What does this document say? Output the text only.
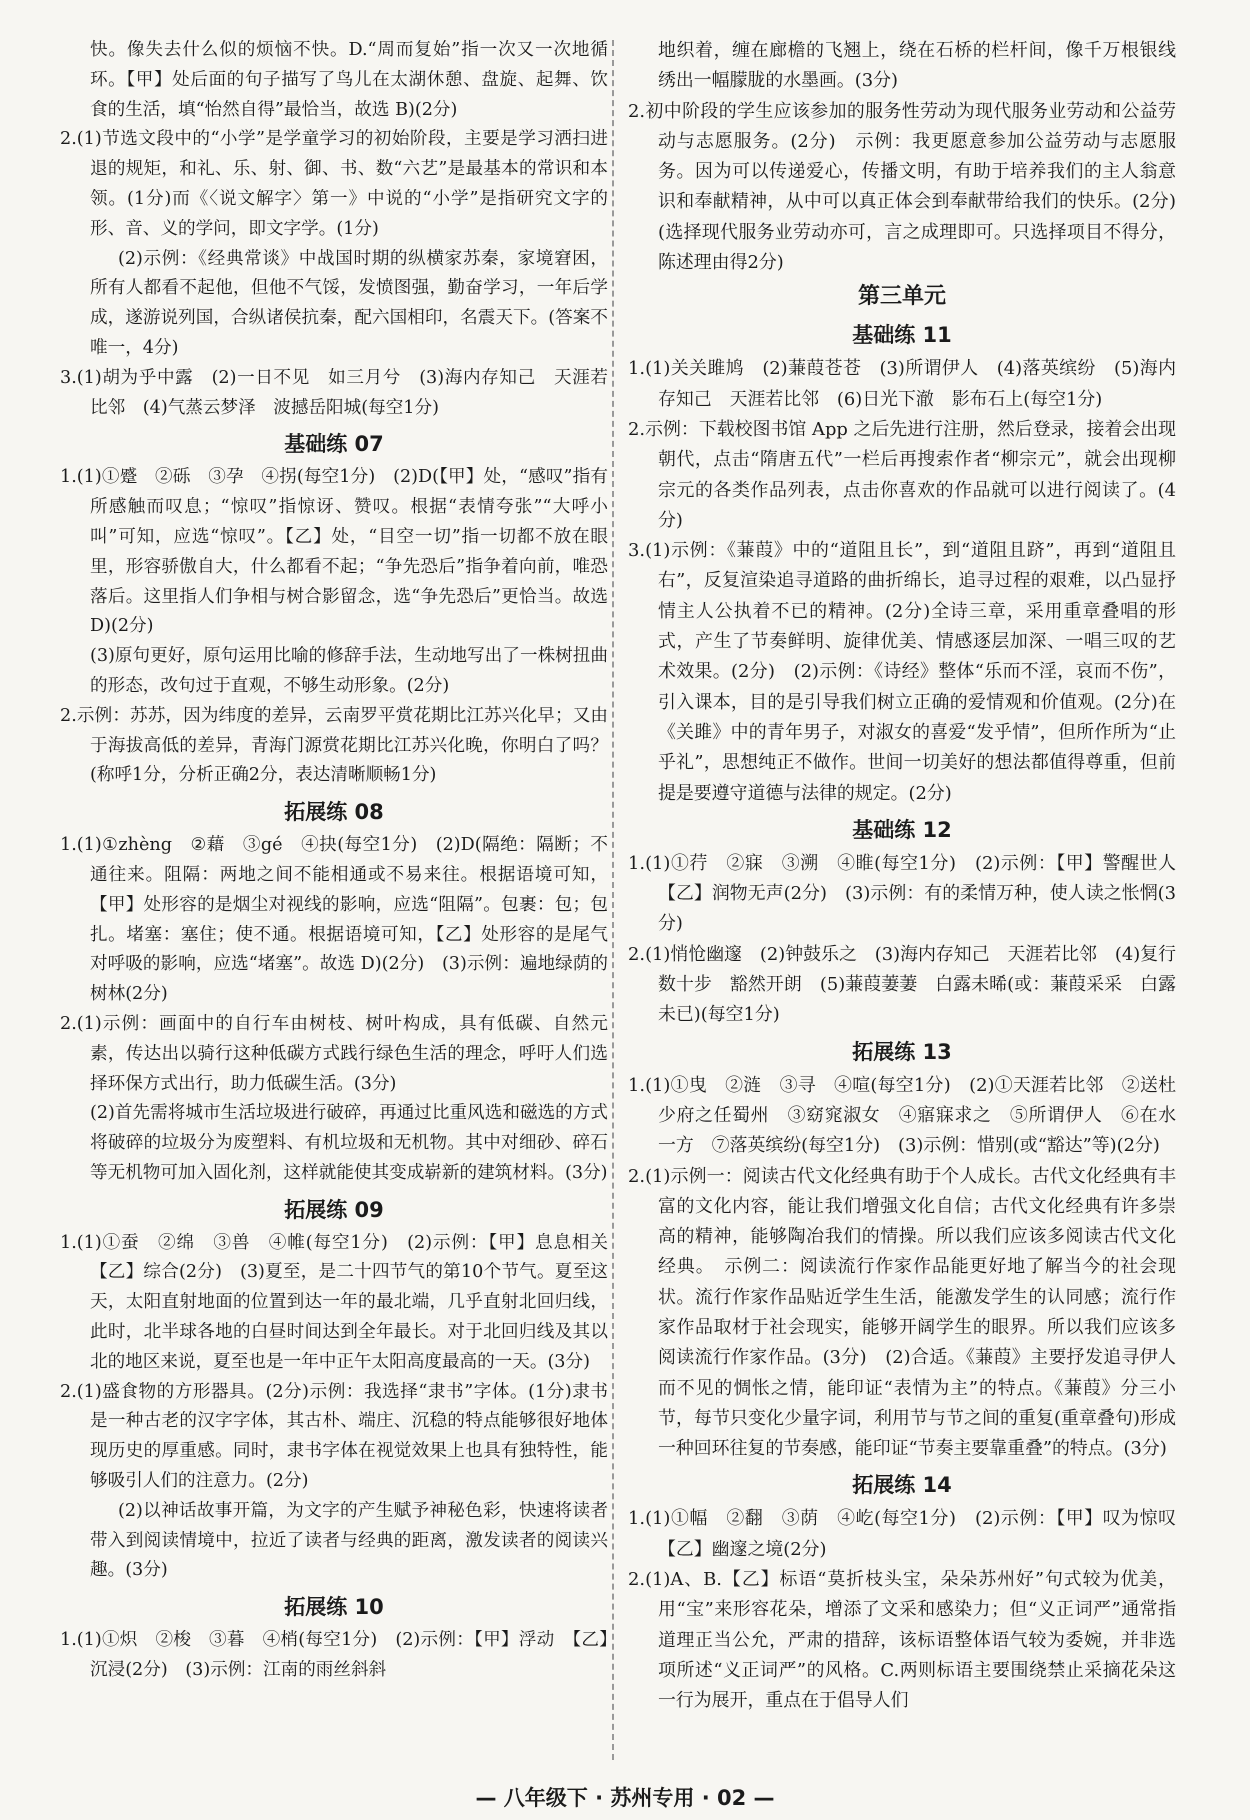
快。像失去什么似的烦恼不快。D.“周而复始”指一次又一次地循环。【甲】处后面的句子描写了鸟儿在太湖休憩、盘旋、起舞、饮食的生活，填“怡然自得”最恰当，故选 B)(2分)

2.(1)节选文段中的“小学”是学童学习的初始阶段，主要是学习洒扫进退的规矩，和礼、乐、射、御、书、数“六艺”是最基本的常识和本领。(1分)而《〈说文解字〉第一》中说的“小学”是指研究文字的形、音、义的学问，即文字学。(1分)

(2)示例：《经典常谈》中战国时期的纵横家苏秦，家境窘困，所有人都看不起他，但他不气馁，发愤图强，勤奋学习，一年后学成，遂游说列国，合纵诸侯抗秦，配六国相印，名震天下。(答案不唯一，4分)

3.(1)胡为乎中露　(2)一日不见　如三月兮　(3)海内存知己　天涯若比邻　(4)气蒸云梦泽　波撼岳阳城(每空1分)

基础练 07

1.(1)①蹙　②砾　③孕　④拐(每空1分)　(2)D(【甲】处，“感叹”指有所感触而叹息；“惊叹”指惊讶、赞叹。根据“表情夸张”“大呼小叫”可知，应选“惊叹”。【乙】处，“目空一切”指一切都不放在眼里，形容骄傲自大，什么都看不起；“争先恐后”指争着向前，唯恐落后。这里指人们争相与树合影留念，选“争先恐后”更恰当。故选 D)(2分)

(3)原句更好，原句运用比喻的修辞手法，生动地写出了一株树扭曲的形态，改句过于直观，不够生动形象。(2分)

2.示例：苏苏，因为纬度的差异，云南罗平赏花期比江苏兴化早；又由于海拔高低的差异，青海门源赏花期比江苏兴化晚，你明白了吗？(称呼1分，分析正确2分，表达清晰顺畅1分)

拓展练 08

1.(1)①zhèng　②藉　③gé　④抉(每空1分)　(2)D(隔绝：隔断；不通往来。阻隔：两地之间不能相通或不易来往。根据语境可知，【甲】处形容的是烟尘对视线的影响，应选“阻隔”。包裹：包；包扎。堵塞：塞住；使不通。根据语境可知，【乙】处形容的是尾气对呼吸的影响，应选“堵塞”。故选 D)(2分)　(3)示例：遍地绿荫的树林(2分)

2.(1)示例：画面中的自行车由树枝、树叶构成，具有低碳、自然元素，传达出以骑行这种低碳方式践行绿色生活的理念，呼吁人们选择环保方式出行，助力低碳生活。(3分)

(2)首先需将城市生活垃圾进行破碎，再通过比重风选和磁选的方式将破碎的垃圾分为废塑料、有机垃圾和无机物。其中对细砂、碎石等无机物可加入固化剂，这样就能使其变成崭新的建筑材料。(3分)

拓展练 09

1.(1)①蚕　②绵　③兽　④帷(每空1分)　(2)示例：【甲】息息相关　【乙】综合(2分)　(3)夏至，是二十四节气的第10个节气。夏至这天，太阳直射地面的位置到达一年的最北端，几乎直射北回归线，此时，北半球各地的白昼时间达到全年最长。对于北回归线及其以北的地区来说，夏至也是一年中正午太阳高度最高的一天。(3分)

2.(1)盛食物的方形器具。(2分)示例：我选择“隶书”字体。(1分)隶书是一种古老的汉字字体，其古朴、端庄、沉稳的特点能够很好地体现历史的厚重感。同时，隶书字体在视觉效果上也具有独特性，能够吸引人们的注意力。(2分)

(2)以神话故事开篇，为文字的产生赋予神秘色彩，快速将读者带入到阅读情境中，拉近了读者与经典的距离，激发读者的阅读兴趣。(3分)

拓展练 10

1.(1)①炽　②梭　③暮　④梢(每空1分)　(2)示例：【甲】浮动　【乙】沉浸(2分)　(3)示例：江南的雨丝斜斜

地织着，缠在廊檐的飞翘上，绕在石桥的栏杆间，像千万根银线绣出一幅朦胧的水墨画。(3分)

2.初中阶段的学生应该参加的服务性劳动为现代服务业劳动和公益劳动与志愿服务。(2分)　示例：我更愿意参加公益劳动与志愿服务。因为可以传递爱心，传播文明，有助于培养我们的主人翁意识和奉献精神，从中可以真正体会到奉献带给我们的快乐。(2分)(选择现代服务业劳动亦可，言之成理即可。只选择项目不得分，陈述理由得2分)

第三单元

基础练 11

1.(1)关关雎鸠　(2)蒹葭苍苍　(3)所谓伊人　(4)落英缤纷　(5)海内存知己　天涯若比邻　(6)日光下澈　影布石上(每空1分)

2.示例：下载校图书馆 App 之后先进行注册，然后登录，接着会出现朝代，点击“隋唐五代”一栏后再搜索作者“柳宗元”，就会出现柳宗元的各类作品列表，点击你喜欢的作品就可以进行阅读了。(4分)

3.(1)示例：《蒹葭》中的“道阻且长”，到“道阻且跻”，再到“道阻且右”，反复渲染追寻道路的曲折绵长，追寻过程的艰难，以凸显抒情主人公执着不已的精神。(2分)全诗三章，采用重章叠唱的形式，产生了节奏鲜明、旋律优美、情感逐层加深、一唱三叹的艺术效果。(2分)　(2)示例：《诗经》整体“乐而不淫，哀而不伤”，引入课本，目的是引导我们树立正确的爱情观和价值观。(2分)在《关雎》中的青年男子，对淑女的喜爱“发乎情”，但所作所为“止乎礼”，思想纯正不做作。世间一切美好的想法都值得尊重，但前提是要遵守道德与法律的规定。(2分)

基础练 12

1.(1)①荇　②寐　③溯　④睢(每空1分)　(2)示例：【甲】警醒世人　【乙】润物无声(2分)　(3)示例：有的柔情万种，使人读之怅惘(3分)

2.(1)悄怆幽邃　(2)钟鼓乐之　(3)海内存知己　天涯若比邻　(4)复行数十步　豁然开朗　(5)蒹葭萋萋　白露未晞(或：蒹葭采采　白露未已)(每空1分)

拓展练 13

1.(1)①曳　②涟　③寻　④喧(每空1分)　(2)①天涯若比邻　②送杜少府之任蜀州　③窈窕淑女　④寤寐求之　⑤所谓伊人　⑥在水一方　⑦落英缤纷(每空1分)　(3)示例：惜别(或“豁达”等)(2分)

2.(1)示例一：阅读古代文化经典有助于个人成长。古代文化经典有丰富的文化内容，能让我们增强文化自信；古代文化经典有许多崇高的精神，能够陶冶我们的情操。所以我们应该多阅读古代文化经典。　示例二：阅读流行作家作品能更好地了解当今的社会现状。流行作家作品贴近学生生活，能激发学生的认同感；流行作家作品取材于社会现实，能够开阔学生的眼界。所以我们应该多阅读流行作家作品。(3分)　(2)合适。《蒹葭》主要抒发追寻伊人而不见的惆怅之情，能印证“表情为主”的特点。《蒹葭》分三小节，每节只变化少量字词，利用节与节之间的重复(重章叠句)形成一种回环往复的节奏感，能印证“节奏主要靠重叠”的特点。(3分)

拓展练 14

1.(1)①幅　②翻　③荫　④屹(每空1分)　(2)示例：【甲】叹为惊叹　【乙】幽邃之境(2分)

2.(1)A、B.【乙】标语“莫折枝头宝，朵朵苏州好”句式较为优美，用“宝”来形容花朵，增添了文采和感染力；但“义正词严”通常指道理正当公允，严肃的措辞，该标语整体语气较为委婉，并非选项所述“义正词严”的风格。C.两则标语主要围绕禁止采摘花朵这一行为展开，重点在于倡导人们

— 八年级下 · 苏州专用 · 02 —
